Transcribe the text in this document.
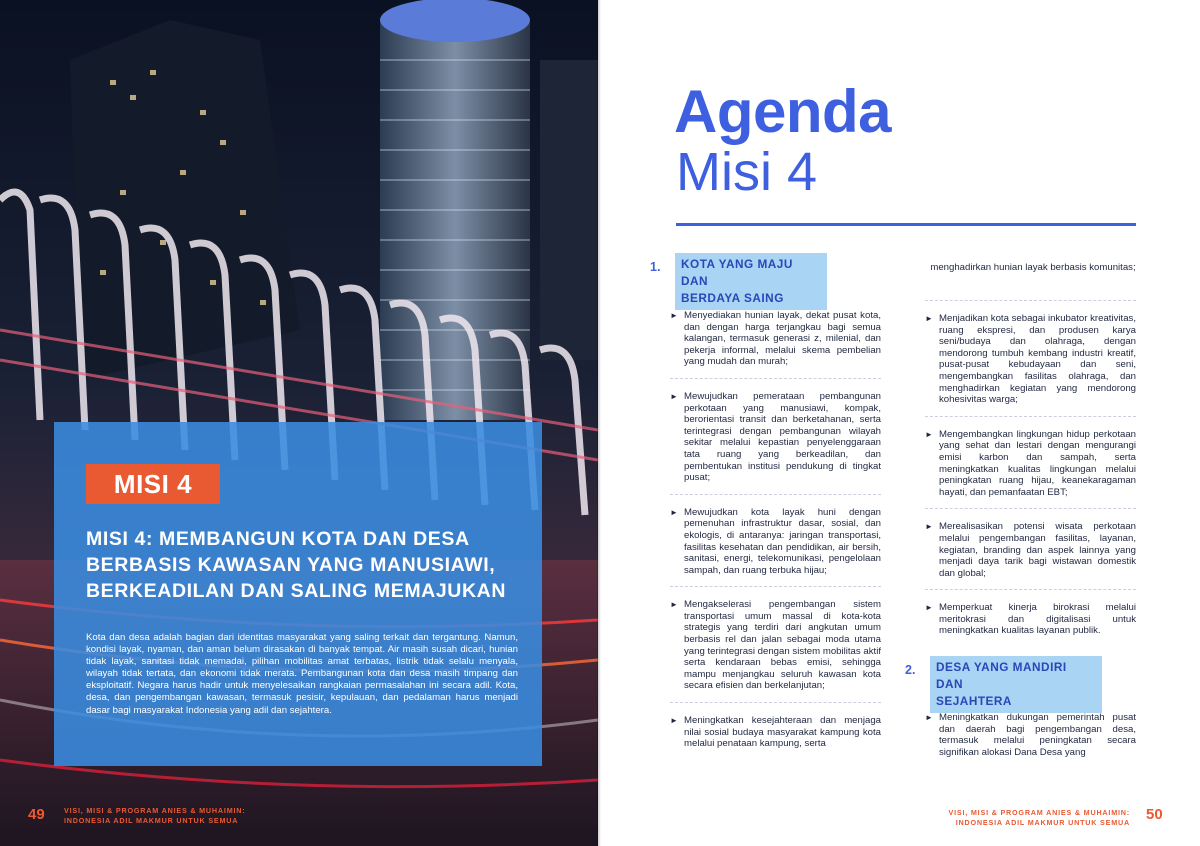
MISI 4
MISI 4: MEMBANGUN KOTA DAN DESA BERBASIS KAWASAN YANG MANUSIAWI, BERKEADILAN DAN SALING MEMAJUKAN
Kota dan desa adalah bagian dari identitas masyarakat yang saling terkait dan tergantung. Namun, kondisi layak, nyaman, dan aman belum dirasakan di banyak tempat. Air masih susah dicari, hunian tidak layak, sanitasi tidak memadai, pilihan mobilitas amat terbatas, listrik tidak selalu menyala, wilayah tidak tertata, dan ekonomi tidak merata. Pembangunan kota dan desa masih timpang dan eksploitatif. Negara harus hadir untuk menyelesaikan rangkaian permasalahan ini secara adil. Kota, desa, dan pengembangan kawasan, termasuk pesisir, kepulauan, dan pedalaman harus menjadi dasar bagi masyarakat Indonesia yang adil dan sejahtera.
49	VISI, MISI & PROGRAM ANIES & MUHAIMIN:
INDONESIA ADIL MAKMUR UNTUK SEMUA
Agenda
Misi 4
1. KOTA YANG MAJU DAN
BERDAYA SAING
► Menyediakan hunian layak, dekat pusat kota, dan dengan harga terjangkau bagi semua kalangan, termasuk generasi z, milenial, dan pekerja informal, melalui skema pembelian yang mudah dan murah;
► Mewujudkan pemerataan pembangunan perkotaan yang manusiawi, kompak, berorientasi transit dan berketahanan, serta terintegrasi dengan pembangunan wilayah sekitar melalui kepastian penyelenggaraan tata ruang yang berkeadilan, dan pembentukan institusi pendukung di tingkat pusat;
► Mewujudkan kota layak huni dengan pemenuhan infrastruktur dasar, sosial, dan ekologis, di antaranya: jaringan transportasi, fasilitas kesehatan dan pendidikan, air bersih, sanitasi, energi, telekomunikasi, pengelolaan sampah, dan ruang terbuka hijau;
► Mengakselerasi pengembangan sistem transportasi umum massal di kota-kota strategis yang terdiri dari angkutan umum berbasis rel dan jalan sebagai moda utama yang terintegrasi dengan sistem mobilitas aktif serta kendaraan bebas emisi, sehingga mampu menjangkau seluruh kawasan kota secara efisien dan berkelanjutan;
► Meningkatkan kesejahteraan dan menjaga nilai sosial budaya masyarakat kampung kota melalui penataan kampung, serta
menghadirkan hunian layak berbasis komunitas;
► Menjadikan kota sebagai inkubator kreativitas, ruang ekspresi, dan produsen karya seni/budaya dan olahraga, dengan mendorong tumbuh kembang industri kreatif, pusat-pusat kebudayaan dan seni, mengembangkan fasilitas olahraga, dan menghadirkan kegiatan yang mendorong kohesivitas warga;
► Mengembangkan lingkungan hidup perkotaan yang sehat dan lestari dengan mengurangi emisi karbon dan sampah, serta meningkatkan kualitas lingkungan melalui peningkatan ruang hijau, keanekaragaman hayati, dan pemanfaatan EBT;
► Merealisasikan potensi wisata perkotaan melalui pengembangan fasilitas, layanan, kegiatan, branding dan aspek lainnya yang menjadi daya tarik bagi wistawan domestik dan global;
► Memperkuat kinerja birokrasi melalui meritokrasi dan digitalisasi untuk meningkatkan kualitas layanan publik.
2. DESA YANG MANDIRI DAN
SEJAHTERA
► Meningkatkan dukungan pemerintah pusat dan daerah bagi pengembangan desa, termasuk melalui peningkatan secara signifikan alokasi Dana Desa yang
VISI, MISI & PROGRAM ANIES & MUHAIMIN:
INDONESIA ADIL MAKMUR UNTUK SEMUA 50
